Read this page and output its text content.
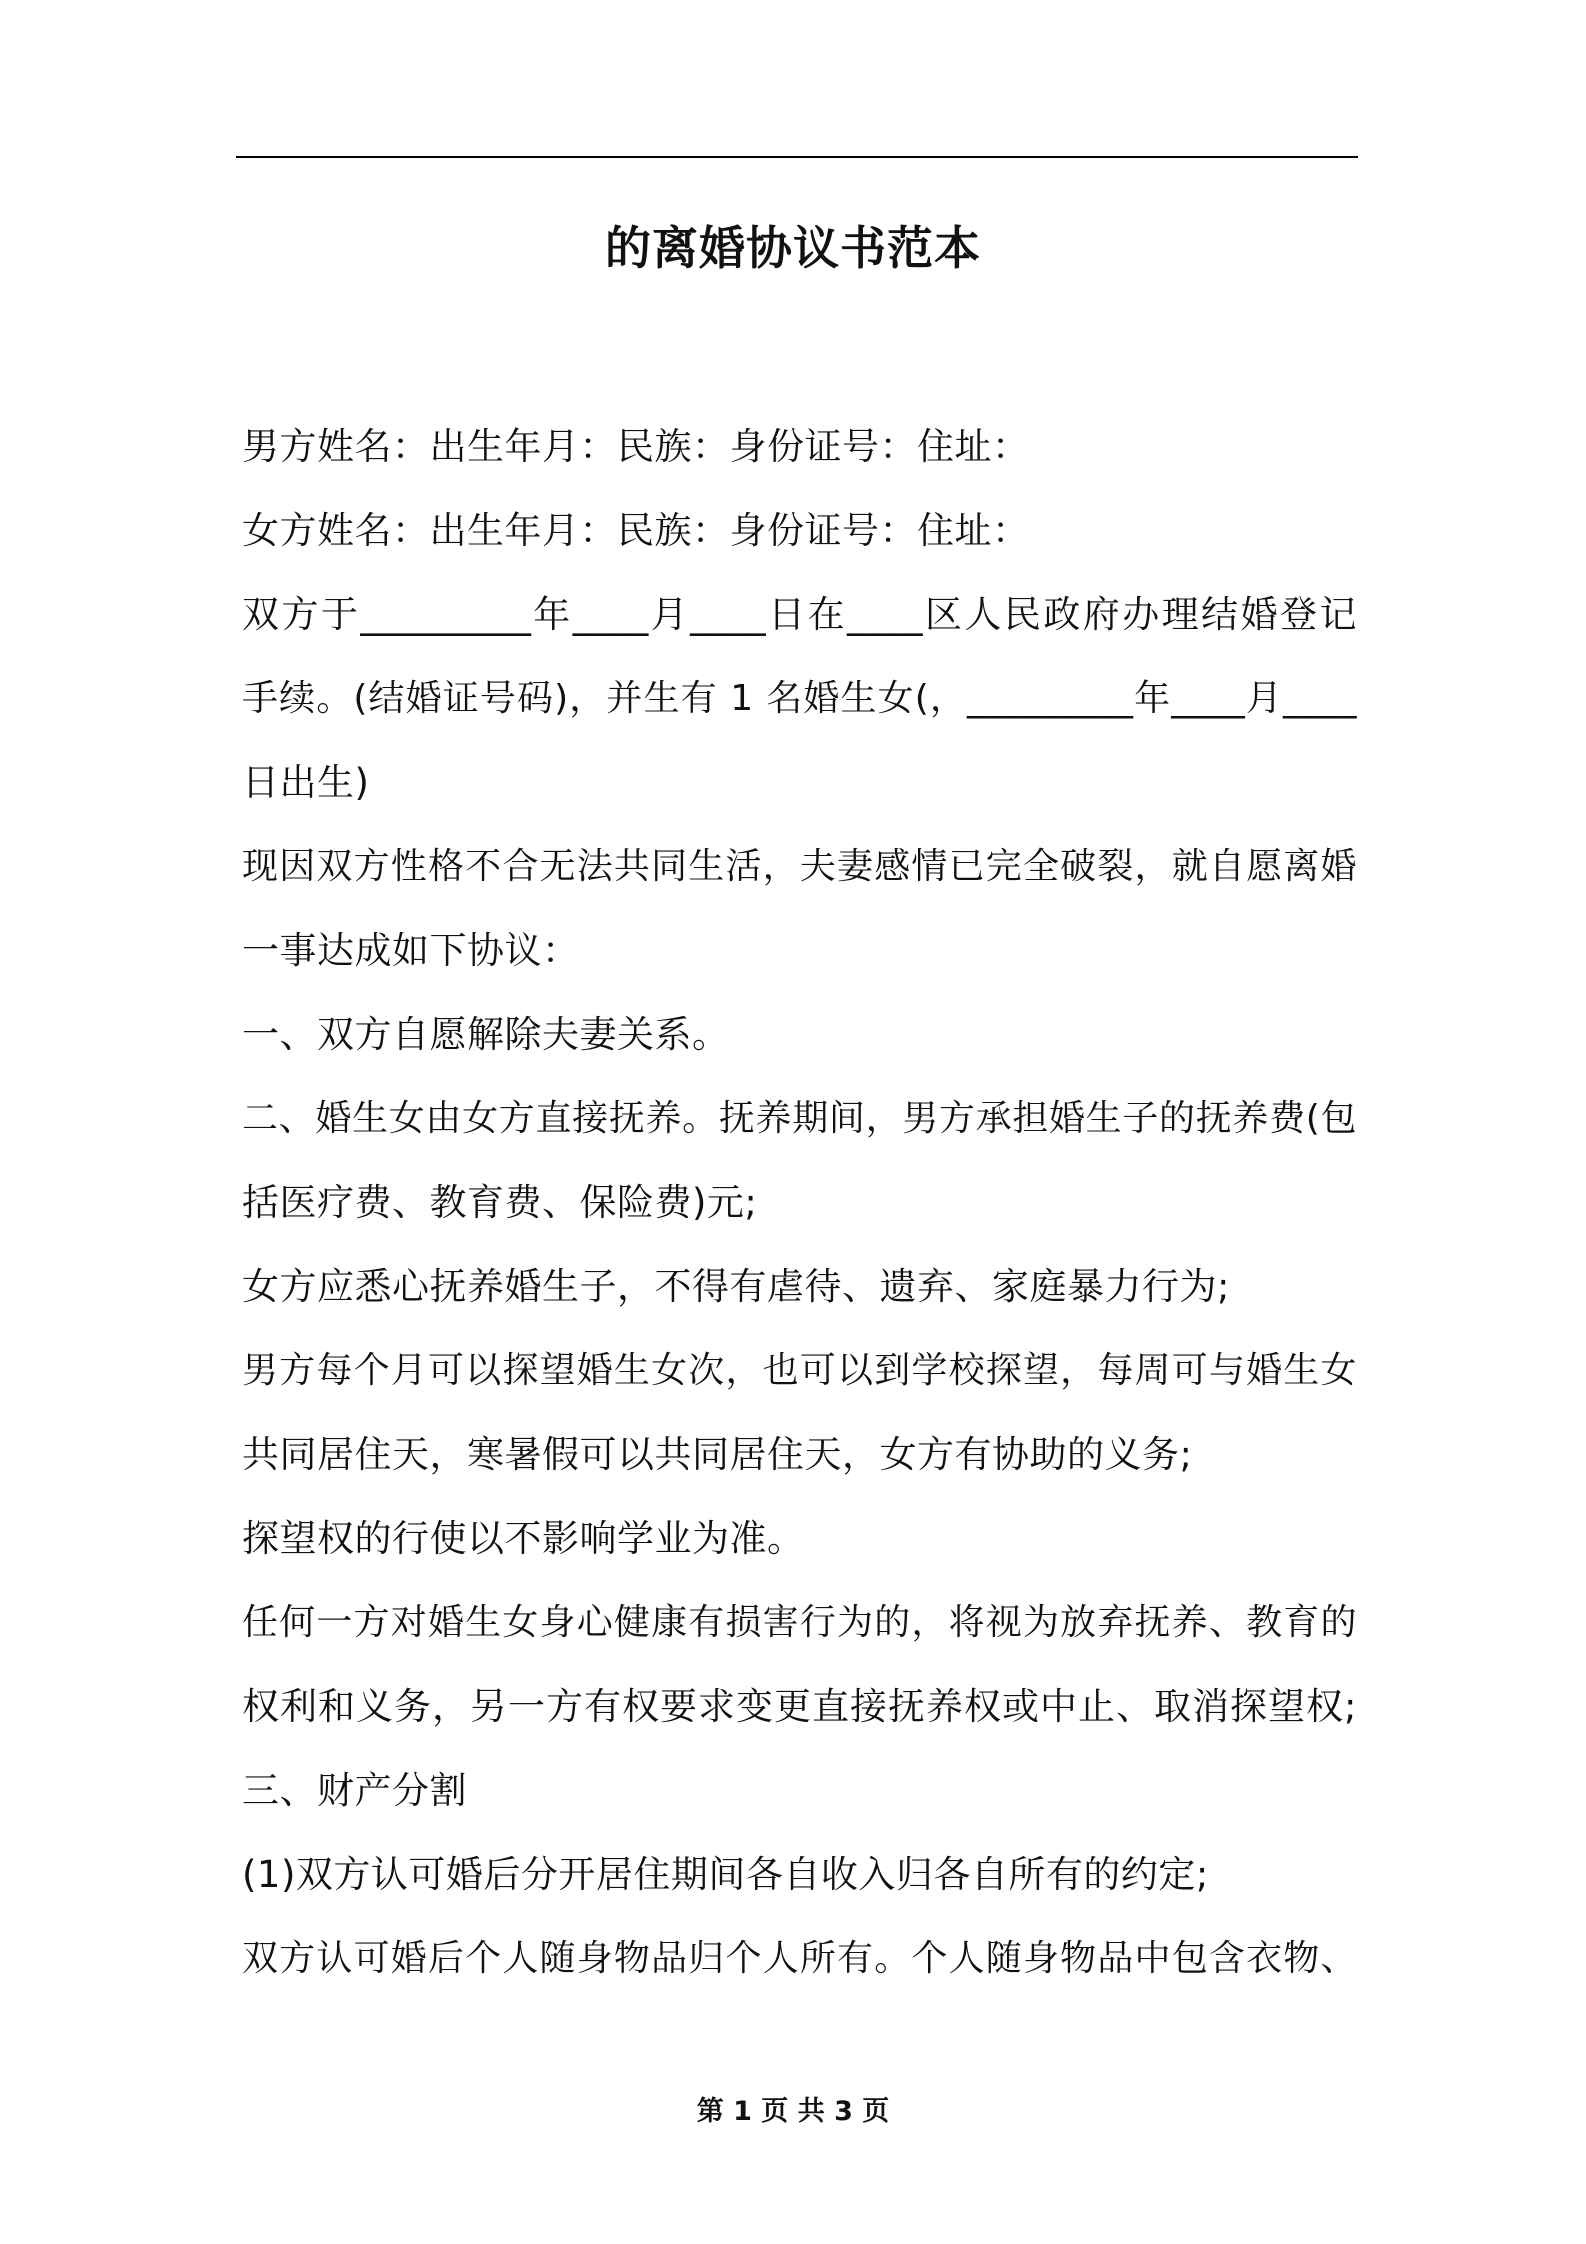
的离婚协议书范本
男方姓名：出生年月：民族：身份证号：住址：
女方姓名：出生年月：民族：身份证号：住址：
双方于_________年____月____日在____区人民政府办理结婚登记
手续。(结婚证号码)，并生有 1 名婚生女(，_________年____月____
日出生)
现因双方性格不合无法共同生活，夫妻感情已完全破裂，就自愿离婚
一事达成如下协议：
一、双方自愿解除夫妻关系。
二、婚生女由女方直接抚养。抚养期间，男方承担婚生子的抚养费(包
括医疗费、教育费、保险费)元;
女方应悉心抚养婚生子，不得有虐待、遗弃、家庭暴力行为;
男方每个月可以探望婚生女次，也可以到学校探望，每周可与婚生女
共同居住天，寒暑假可以共同居住天，女方有协助的义务;
探望权的行使以不影响学业为准。
任何一方对婚生女身心健康有损害行为的，将视为放弃抚养、教育的
权利和义务，另一方有权要求变更直接抚养权或中止、取消探望权;
三、财产分割
(1)双方认可婚后分开居住期间各自收入归各自所有的约定;
双方认可婚后个人随身物品归个人所有。个人随身物品中包含衣物、
第 1 页 共 3 页
